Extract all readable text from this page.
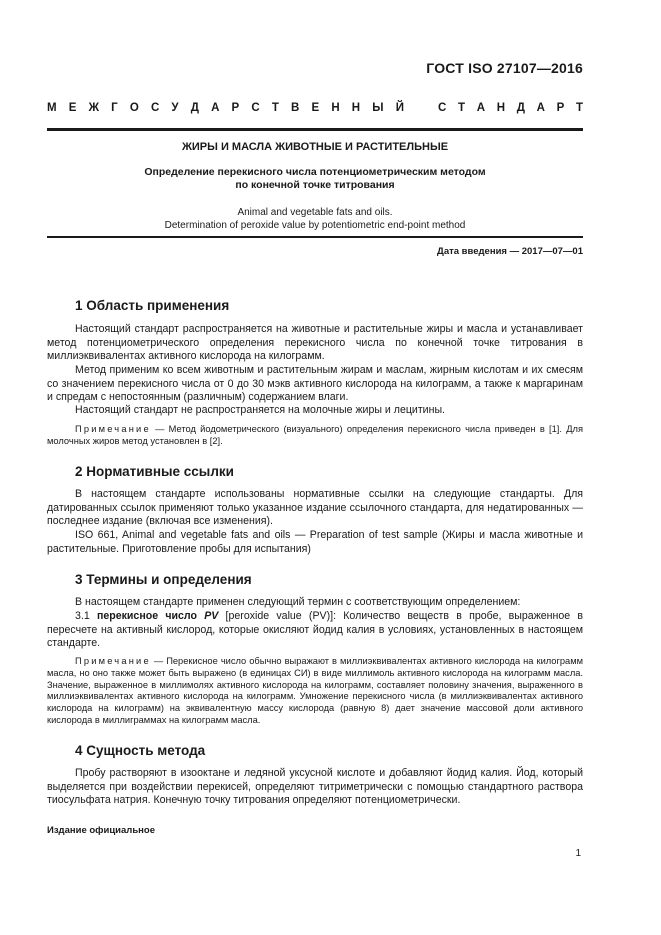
ГОСТ ISO 27107—2016
М Е Ж Г О С У Д А Р С Т В Е Н Н Ы Й	С Т А Н Д А Р Т
ЖИРЫ И МАСЛА ЖИВОТНЫЕ И РАСТИТЕЛЬНЫЕ
Определение перекисного числа потенциометрическим методом
по конечной точке титрования
Animal and vegetable fats and oils.
Determination of peroxide value by potentiometric end-point method
Дата введения — 2017—07—01
1 Область применения

Настоящий стандарт распространяется на животные и растительные жиры и масла и устанавливает метод потенциометрического определения перекисного числа по конечной точке титрования в миллиэквивалентах активного кислорода на килограмм.

Метод применим ко всем животным и растительным жирам и маслам, жирным кислотам и их смесям со значением перекисного числа от 0 до 30 мэкв активного кислорода на килограмм, а также к маргаринам и спредам с непостоянным (различным) содержанием влаги.

Настоящий стандарт не распространяется на молочные жиры и лецитины.

Примечание — Метод йодометрического (визуального) определения перекисного числа приведен в [1]. Для молочных жиров метод установлен в [2].

2 Нормативные ссылки

В настоящем стандарте использованы нормативные ссылки на следующие стандарты. Для датированных ссылок применяют только указанное издание ссылочного стандарта, для недатированных — последнее издание (включая все изменения).

ISO 661, Animal and vegetable fats and oils — Preparation of test sample (Жиры и масла животные и растительные. Приготовление пробы для испытания)

3 Термины и определения

В настоящем стандарте применен следующий термин с соответствующим определением:

3.1 перекисное число PV [peroxide value (PV)]: Количество веществ в пробе, выраженное в пересчете на активный кислород, которые окисляют йодид калия в условиях, установленных в настоящем стандарте.

Примечание — Перекисное число обычно выражают в миллиэквивалентах активного кислорода на килограмм масла, но оно также может быть выражено (в единицах СИ) в виде миллимоль активного кислорода на килограмм масла. Значение, выраженное в миллимолях активного кислорода на килограмм, составляет половину значения, выраженного в миллиэквивалентах активного кислорода на килограмм. Умножение перекисного числа (в миллиэквивалентах активного кислорода на килограмм) на эквивалентную массу кислорода (равную 8) дает значение массовой доли активного кислорода в миллиграммах на килограмм масла.

4 Сущность метода

Пробу растворяют в изооктане и ледяной уксусной кислоте и добавляют йодид калия. Йод, который выделяется при воздействии перекисей, определяют титриметрически с помощью стандартного раствора тиосульфата натрия. Конечную точку титрования определяют потенциометрически.

Издание официальное
1
